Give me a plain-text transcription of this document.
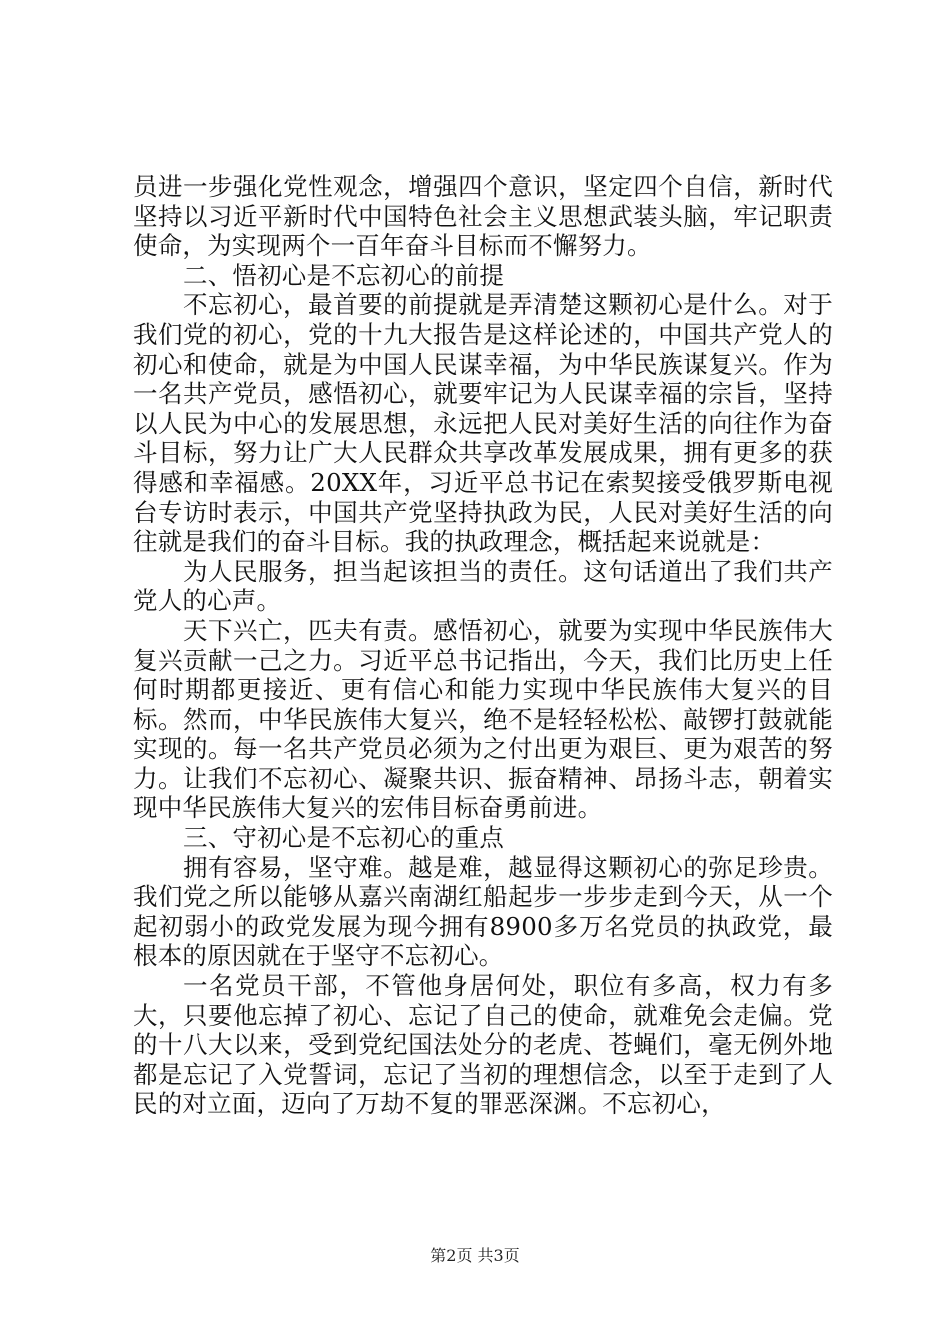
员进一步强化党性观念，增强四个意识，坚定四个自信，新时代坚持以习近平新时代中国特色社会主义思想武装头脑，牢记职责使命，为实现两个一百年奋斗目标而不懈努力。

二、悟初心是不忘初心的前提

不忘初心，最首要的前提就是弄清楚这颗初心是什么。对于我们党的初心，党的十九大报告是这样论述的，中国共产党人的初心和使命，就是为中国人民谋幸福，为中华民族谋复兴。作为一名共产党员，感悟初心，就要牢记为人民谋幸福的宗旨，坚持以人民为中心的发展思想，永远把人民对美好生活的向往作为奋斗目标，努力让广大人民群众共享改革发展成果，拥有更多的获得感和幸福感。20XX年，习近平总书记在索契接受俄罗斯电视台专访时表示，中国共产党坚持执政为民，人民对美好生活的向往就是我们的奋斗目标。我的执政理念，概括起来说就是：

为人民服务，担当起该担当的责任。这句话道出了我们共产党人的心声。

天下兴亡，匹夫有责。感悟初心，就要为实现中华民族伟大复兴贡献一己之力。习近平总书记指出，今天，我们比历史上任何时期都更接近、更有信心和能力实现中华民族伟大复兴的目标。然而，中华民族伟大复兴，绝不是轻轻松松、敲锣打鼓就能实现的。每一名共产党员必须为之付出更为艰巨、更为艰苦的努力。让我们不忘初心、凝聚共识、振奋精神、昂扬斗志，朝着实现中华民族伟大复兴的宏伟目标奋勇前进。

三、守初心是不忘初心的重点

拥有容易，坚守难。越是难，越显得这颗初心的弥足珍贵。我们党之所以能够从嘉兴南湖红船起步一步步走到今天，从一个起初弱小的政党发展为现今拥有8900多万名党员的执政党，最根本的原因就在于坚守不忘初心。

一名党员干部，不管他身居何处，职位有多高，权力有多大，只要他忘掉了初心、忘记了自己的使命，就难免会走偏。党的十八大以来，受到党纪国法处分的老虎、苍蝇们，毫无例外地都是忘记了入党誓词，忘记了当初的理想信念，以至于走到了人民的对立面，迈向了万劫不复的罪恶深渊。不忘初心，

第2页 共3页
